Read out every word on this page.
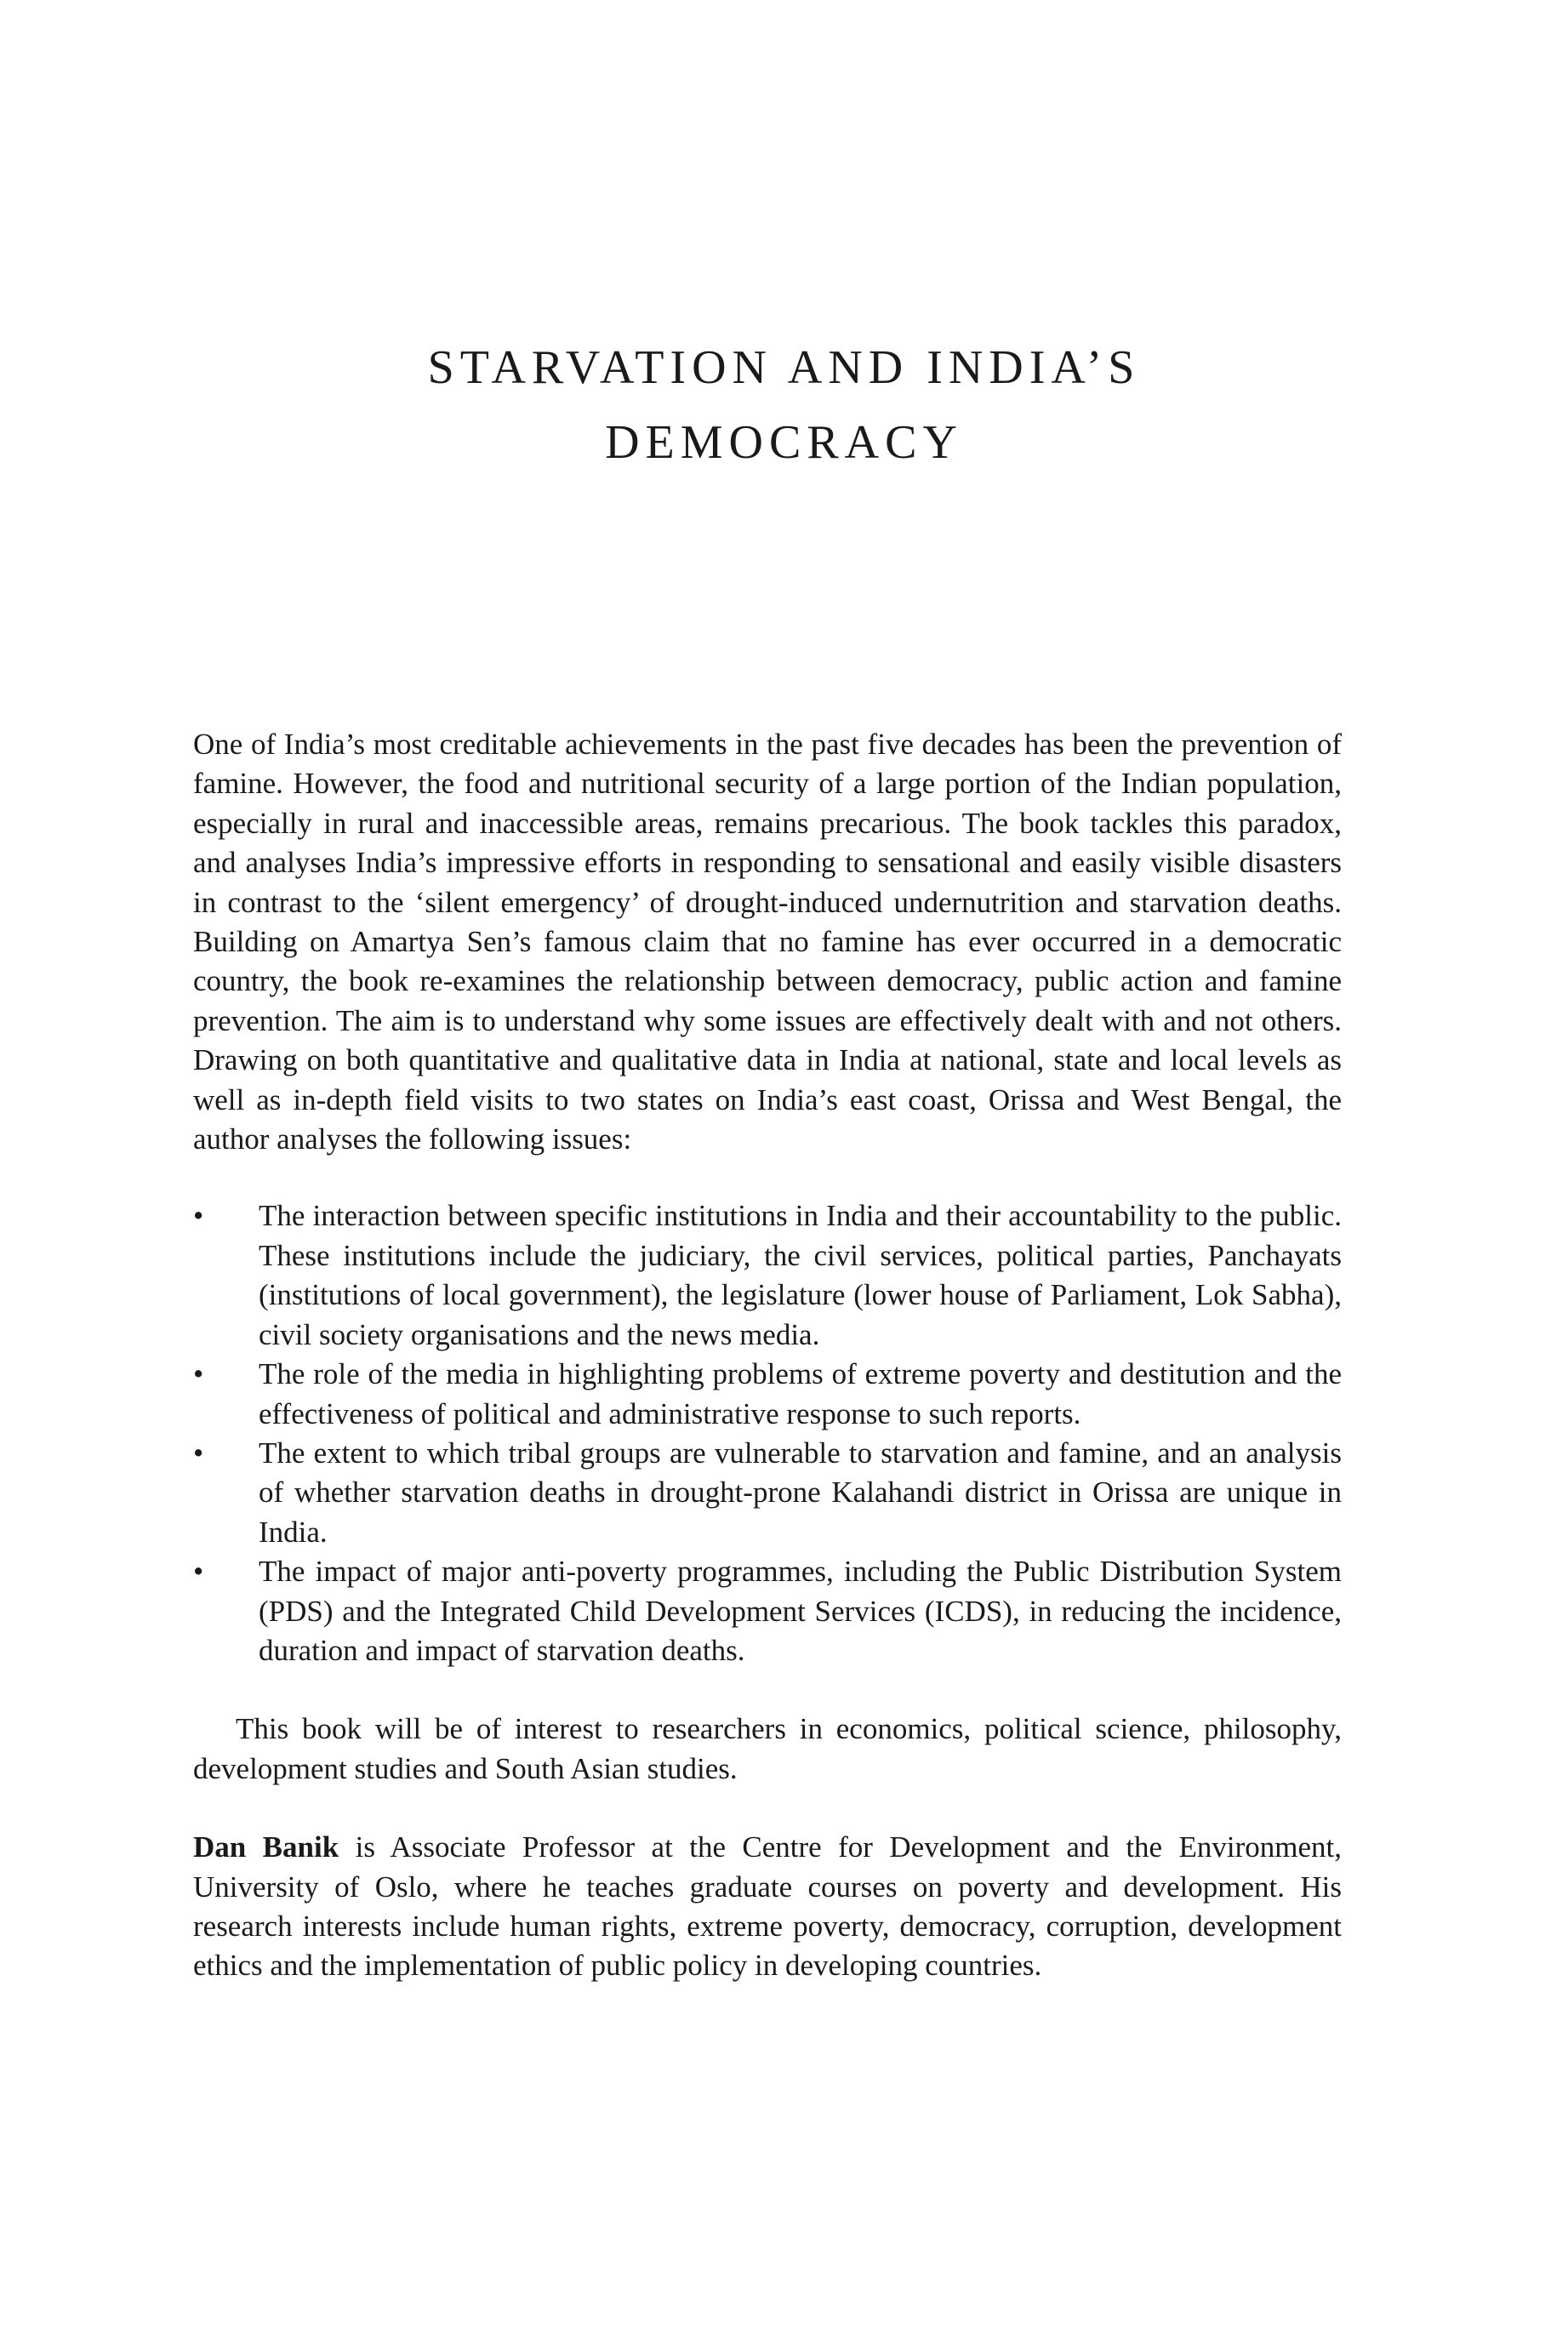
STARVATION AND INDIA’S
DEMOCRACY

One of India’s most creditable achievements in the past five decades has been the prevention of famine. However, the food and nutritional security of a large portion of the Indian population, especially in rural and inaccessible areas, remains precarious. The book tackles this paradox, and analyses India’s impressive efforts in responding to sensational and easily visible disasters in contrast to the ‘silent emergency’ of drought-induced undernutrition and starvation deaths. Building on Amartya Sen’s famous claim that no famine has ever occurred in a democratic country, the book re-examines the relationship between democracy, public action and famine prevention. The aim is to understand why some issues are effectively dealt with and not others. Drawing on both quantitative and qualitative data in India at national, state and local levels as well as in-depth field visits to two states on India’s east coast, Orissa and West Bengal, the author analyses the following issues:

• The interaction between specific institutions in India and their accountability to the public. These institutions include the judiciary, the civil services, political parties, Panchayats (institutions of local government), the legislature (lower house of Parliament, Lok Sabha), civil society organisations and the news media.
• The role of the media in highlighting problems of extreme poverty and destitution and the effectiveness of political and administrative response to such reports.
• The extent to which tribal groups are vulnerable to starvation and famine, and an analysis of whether starvation deaths in drought-prone Kalahandi district in Orissa are unique in India.
• The impact of major anti-poverty programmes, including the Public Distribution System (PDS) and the Integrated Child Development Services (ICDS), in reducing the incidence, duration and impact of starvation deaths.

This book will be of interest to researchers in economics, political science, philosophy, development studies and South Asian studies.

Dan Banik is Associate Professor at the Centre for Development and the Environment, University of Oslo, where he teaches graduate courses on poverty and development. His research interests include human rights, extreme poverty, democracy, corruption, development ethics and the implementation of public policy in developing countries.
